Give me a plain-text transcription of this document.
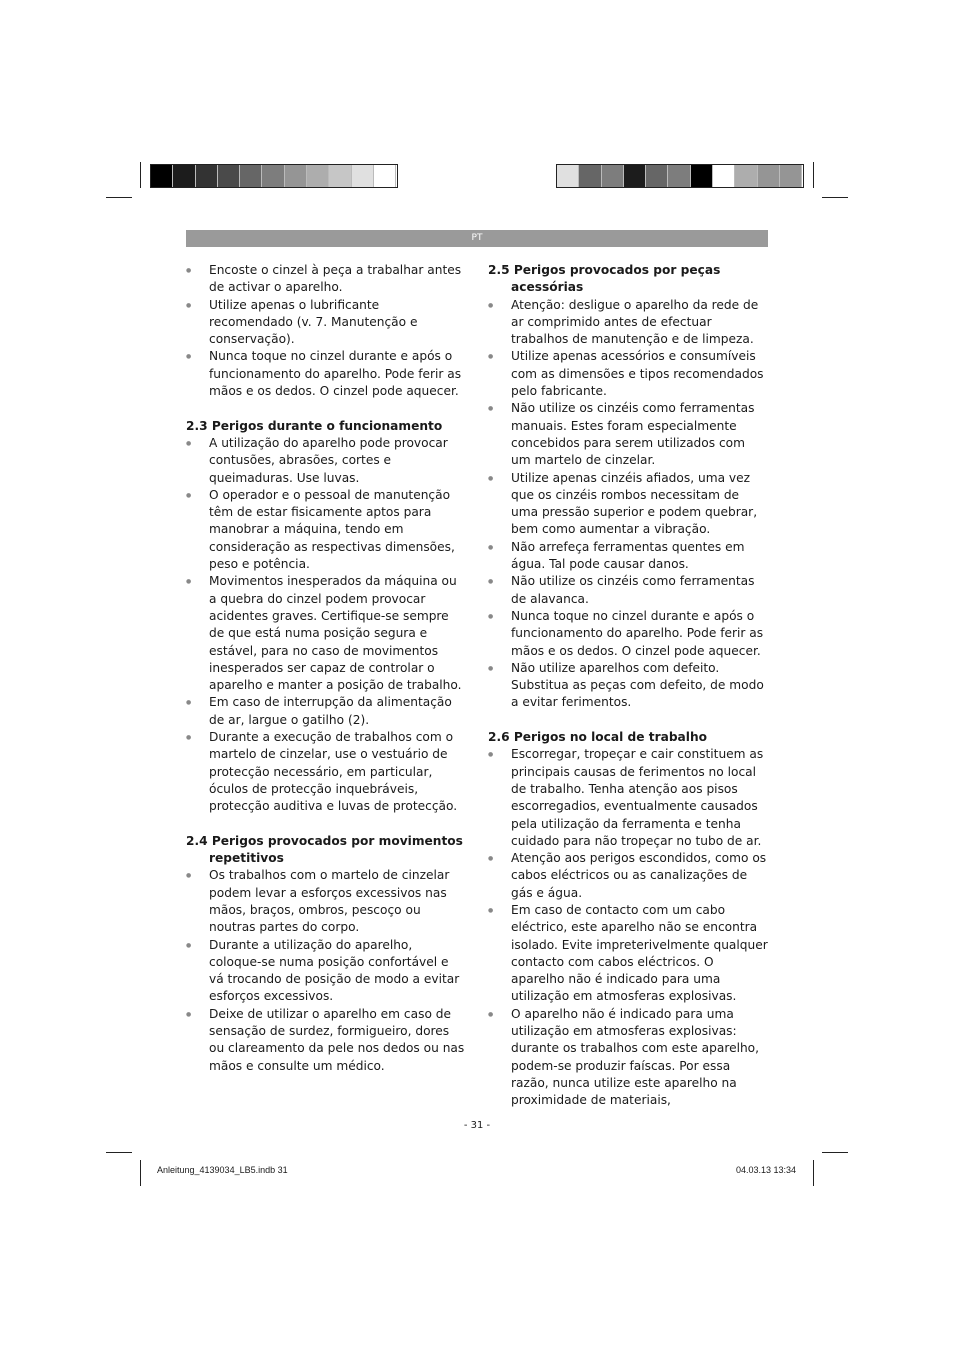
PT
● Encoste o cinzel à peça a trabalhar antes de activar o aparelho.
● Utilize apenas o lubrificante recomendado (v. 7. Manutenção e conservação).
● Nunca toque no cinzel durante e após o funcionamento do aparelho. Pode ferir as mãos e os dedos. O cinzel pode aquecer.
2.3 Perigos durante o funcionamento
● A utilização do aparelho pode provocar contusões, abrasões, cortes e queimaduras. Use luvas.
● O operador e o pessoal de manutenção têm de estar fisicamente aptos para manobrar a máquina, tendo em consideração as respectivas dimensões, peso e potência.
● Movimentos inesperados da máquina ou a quebra do cinzel podem provocar acidentes graves. Certifique-se sempre de que está numa posição segura e estável, para no caso de movimentos inesperados ser capaz de controlar o aparelho e manter a posição de trabalho.
● Em caso de interrupção da alimentação de ar, largue o gatilho (2).
● Durante a execução de trabalhos com o martelo de cinzelar, use o vestuário de protecção necessário, em particular, óculos de protecção inquebráveis, protecção auditiva e luvas de protecção.
2.4 Perigos provocados por movimentos repetitivos
● Os trabalhos com o martelo de cinzelar podem levar a esforços excessivos nas mãos, braços, ombros, pescoço ou noutras partes do corpo.
● Durante a utilização do aparelho, coloque-se numa posição confortável e vá trocando de posição de modo a evitar esforços excessivos.
● Deixe de utilizar o aparelho em caso de sensação de surdez, formigueiro, dores ou clareamento da pele nos dedos ou nas mãos e consulte um médico.
2.5 Perigos provocados por peças acessórias
● Atenção: desligue o aparelho da rede de ar comprimido antes de efectuar trabalhos de manutenção e de limpeza.
● Utilize apenas acessórios e consumíveis com as dimensões e tipos recomendados pelo fabricante.
● Não utilize os cinzéis como ferramentas manuais. Estes foram especialmente concebidos para serem utilizados com um martelo de cinzelar.
● Utilize apenas cinzéis afiados, uma vez que os cinzéis rombos necessitam de uma pressão superior e podem quebrar, bem como aumentar a vibração.
● Não arrefeça ferramentas quentes em água. Tal pode causar danos.
● Não utilize os cinzéis como ferramentas de alavanca.
● Nunca toque no cinzel durante e após o funcionamento do aparelho. Pode ferir as mãos e os dedos. O cinzel pode aquecer.
● Não utilize aparelhos com defeito. Substitua as peças com defeito, de modo a evitar ferimentos.
2.6 Perigos no local de trabalho
● Escorregar, tropeçar e cair constituem as principais causas de ferimentos no local de trabalho. Tenha atenção aos pisos escorregadios, eventualmente causados pela utilização da ferramenta e tenha cuidado para não tropeçar no tubo de ar.
● Atenção aos perigos escondidos, como os cabos eléctricos ou as canalizações de gás e água.
● Em caso de contacto com um cabo eléctrico, este aparelho não se encontra isolado. Evite impreterivelmente qualquer contacto com cabos eléctricos. O aparelho não é indicado para uma utilização em atmosferas explosivas.
● O aparelho não é indicado para uma utilização em atmosferas explosivas: durante os trabalhos com este aparelho, podem-se produzir faíscas. Por essa razão, nunca utilize este aparelho na proximidade de materiais,
- 31 -
Anleitung_4139034_LB5.indb 31	04.03.13 13:34
